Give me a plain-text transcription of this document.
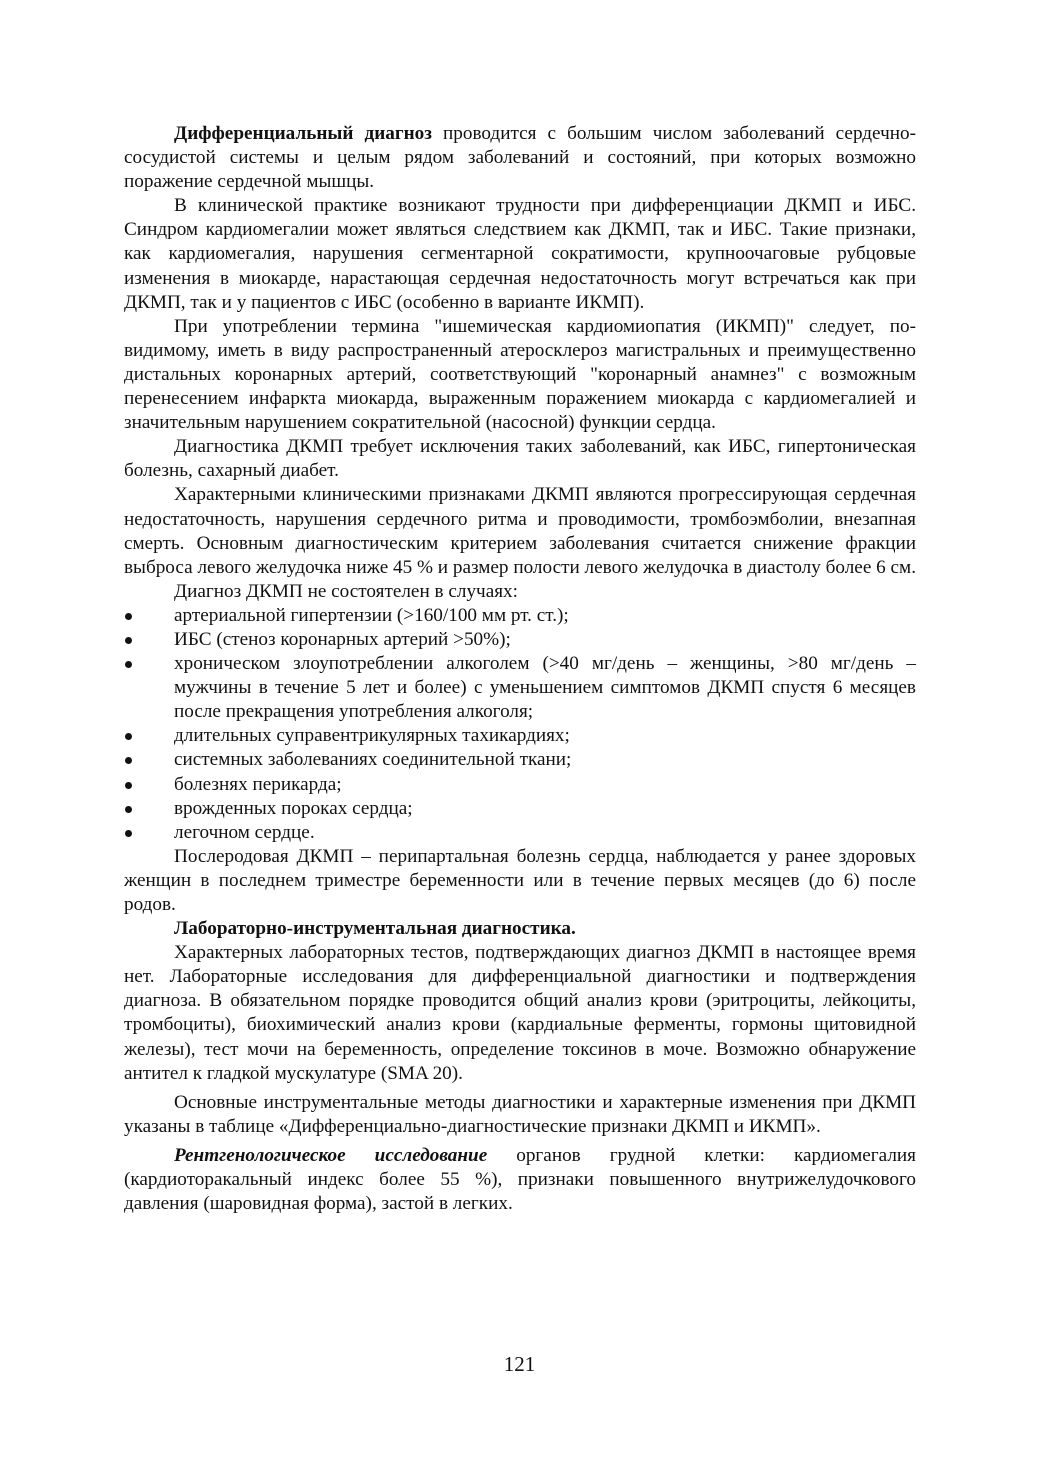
Дифференциальный диагноз проводится с большим числом заболеваний сердечно-сосудистой системы и целым рядом заболеваний и состояний, при которых возможно поражение сердечной мышцы.

В клинической практике возникают трудности при дифференциации ДКМП и ИБС. Синдром кардиомегалии может являться следствием как ДКМП, так и ИБС. Такие признаки, как кардиомегалия, нарушения сегментарной сократимости, крупноочаговые рубцовые изменения в миокарде, нарастающая сердечная недостаточность могут встречаться как при ДКМП, так и у пациентов с ИБС (особенно в варианте ИКМП).

При употреблении термина "ишемическая кардиомиопатия (ИКМП)" следует, по-видимому, иметь в виду распространенный атеросклероз магистральных и преимущественно дистальных коронарных артерий, соответствующий "коронарный анамнез" с возможным перенесением инфаркта миокарда, выраженным поражением миокарда с кардиомегалией и значительным нарушением сократительной (насосной) функции сердца.

Диагностика ДКМП требует исключения таких заболеваний, как ИБС, гипертоническая болезнь, сахарный диабет.

Характерными клиническими признаками ДКМП являются прогрессирующая сердечная недостаточность, нарушения сердечного ритма и проводимости, тромбоэмболии, внезапная смерть. Основным диагностическим критерием заболевания считается снижение фракции выброса левого желудочка ниже 45 % и размер полости левого желудочка в диастолу более 6 см.

Диагноз ДКМП не состоятелен в случаях:

артериальной гипертензии (>160/100 мм рт. ст.);
ИБС (стеноз коронарных артерий >50%);
хроническом злоупотреблении алкоголем (>40 мг/день – женщины, >80 мг/день – мужчины в течение 5 лет и более) с уменьшением симптомов ДКМП спустя 6 месяцев после прекращения употребления алкоголя;
длительных суправентрикулярных тахикардиях;
системных заболеваниях соединительной ткани;
болезнях перикарда;
врожденных пороках сердца;
легочном сердце.

Послеродовая ДКМП – перипартальная болезнь сердца, наблюдается у ранее здоровых женщин в последнем триместре беременности или в течение первых месяцев (до 6) после родов.

Лабораторно-инструментальная диагностика.

Характерных лабораторных тестов, подтверждающих диагноз ДКМП в настоящее время нет. Лабораторные исследования для дифференциальной диагностики и подтверждения диагноза. В обязательном порядке проводится общий анализ крови (эритроциты, лейкоциты, тромбоциты), биохимический анализ крови (кардиальные ферменты, гормоны щитовидной железы), тест мочи на беременность, определение токсинов в моче. Возможно обнаружение антител к гладкой мускулатуре (SMA 20).

Основные инструментальные методы диагностики и характерные изменения при ДКМП указаны в таблице «Дифференциально-диагностические признаки ДКМП и ИКМП».

Рентгенологическое исследование органов грудной клетки: кардиомегалия (кардиоторакальный индекс более 55 %), признаки повышенного внутрижелудочкового давления (шаровидная форма), застой в легких.

121
